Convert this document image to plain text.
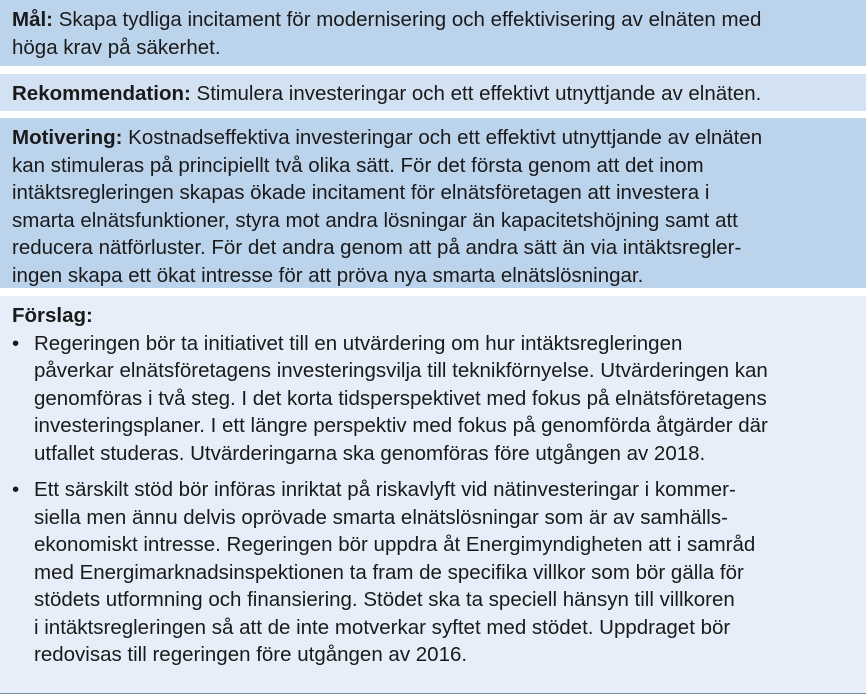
Mål: Skapa tydliga incitament för modernisering och effektivisering av elnäten med
höga krav på säkerhet.
Rekommendation: Stimulera investeringar och ett effektivt utnyttjande av elnäten.
Motivering: Kostnadseffektiva investeringar och ett effektivt utnyttjande av elnäten
kan stimuleras på principiellt två olika sätt. För det första genom att det inom
intäktsregleringen skapas ökade incitament för elnätsföretagen att investera i
smarta elnätsfunktioner, styra mot andra lösningar än kapacitetshöjning samt att
reducera nätförluster. För det andra genom att på andra sätt än via intäktsregler-
ingen skapa ett ökat intresse för att pröva nya smarta elnätslösningar.
Förslag:
• Regeringen bör ta initiativet till en utvärdering om hur intäktsregleringen
påverkar elnätsföretagens investeringsvilja till teknikförnyelse. Utvärderingen kan
genomföras i två steg. I det korta tidsperspektivet med fokus på elnätsföretagens
investeringsplaner. I ett längre perspektiv med fokus på genomförda åtgärder där
utfallet studeras. Utvärderingarna ska genomföras före utgången av 2018.
• Ett särskilt stöd bör införas inriktat på riskavlyft vid nätinvesteringar i kommer-
siella men ännu delvis oprövade smarta elnätslösningar som är av samhälls-
ekonomiskt intresse. Regeringen bör uppdra åt Energimyndigheten att i samråd
med Energimarknadsinspektionen ta fram de specifika villkor som bör gälla för
stödets utformning och finansiering. Stödet ska ta speciell hänsyn till villkoren
i intäktsregleringen så att de inte motverkar syftet med stödet. Uppdraget bör
redovisas till regeringen före utgången av 2016.
